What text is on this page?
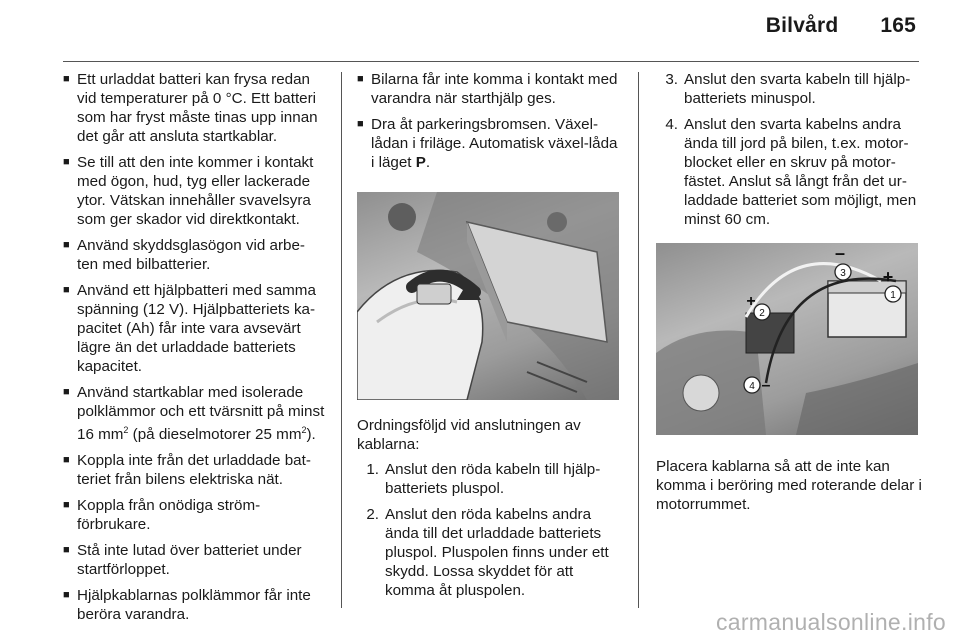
Bilvård 165
■ Ett urladdat batteri kan frysa redan vid temperaturer på 0 °C. Ett batteri som har fryst måste tinas upp innan det går att ansluta startkablar.
■ Se till att den inte kommer i kontakt med ögon, hud, tyg eller lackerade ytor. Vätskan innehåller svavelsyra som ger skador vid direktkontakt.
■ Använd skyddsglasögon vid arbe-ten med bilbatterier.
■ Använd ett hjälpbatteri med samma spänning (12 V). Hjälpbatteriets ka-pacitet (Ah) får inte vara avsevärt lägre än det urladdade batteriets kapacitet.
■ Använd startkablar med isolerade polklämmor och ett tvärsnitt på minst 16 $mm^2$ (på dieselmotorer 25 $mm^2$).
■ Koppla inte från det urladdade bat-teriet från bilens elektriska nät.
■ Koppla från onödiga ström-förbrukare.
■ Stå inte lutad över batteriet under startförloppet.
■ Hjälpkablarnas polklämmor får inte beröra varandra.
■ Bilarna får inte komma i kontakt med varandra när starthjälp ges.
■ Dra åt parkeringsbromsen. Växel-lådan i friläge. Automatisk växel-låda i läget P.
Ordningsföljd vid anslutningen av kablarna:
1. Anslut den röda kabeln till hjälp-batteriets pluspol.
2. Anslut den röda kabelns andra ända till det urladdade batteriets pluspol. Pluspolen finns under ett skydd. Lossa skyddet för att komma åt pluspolen.
3. Anslut den svarta kabeln till hjälp-batteriets minuspol.
4. Anslut den svarta kabelns andra ända till jord på bilen, t.ex. motor-blocket eller en skruv på motor-fästet. Anslut så långt från det ur-laddade batteriet som möjligt, men minst 60 cm.
1
2
3
4
+
+
–
–
Placera kablarna så att de inte kan komma i beröring med roterande delar i motorrummet.
carmanualsonline.info
